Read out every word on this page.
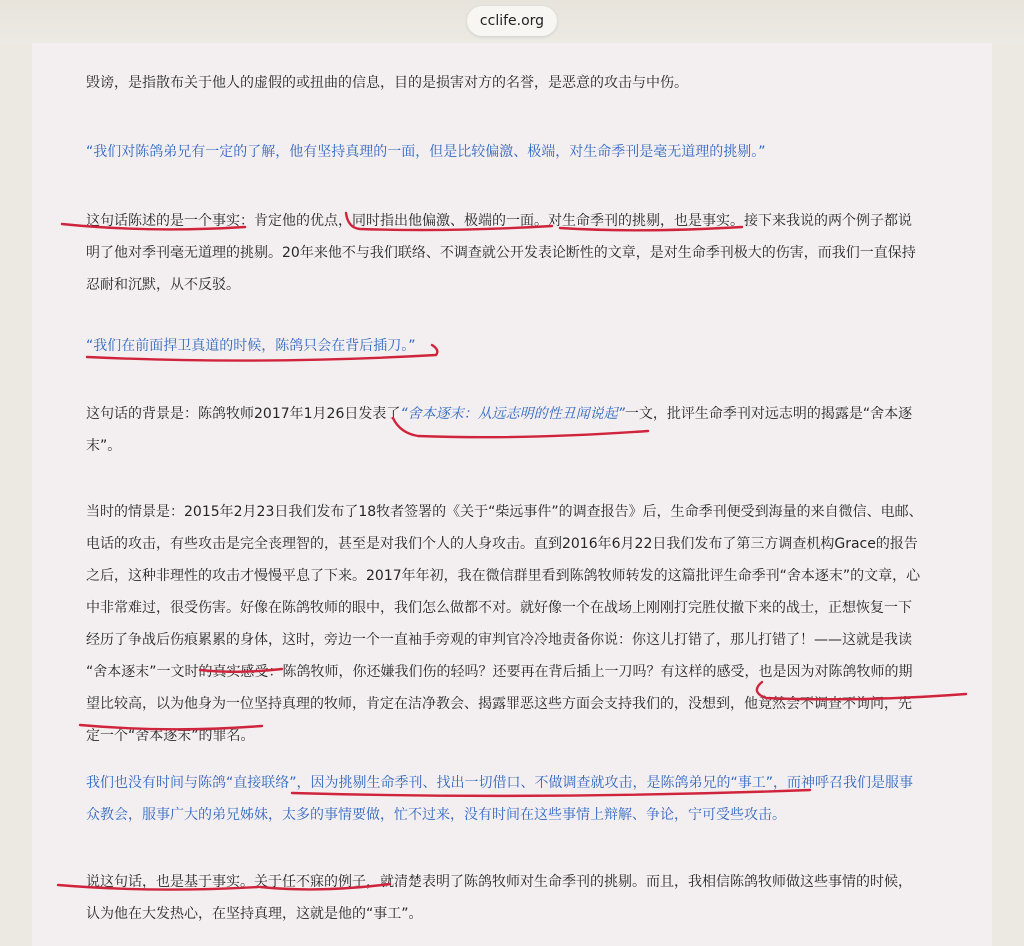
cclife.org

毁谤，是指散布关于他人的虚假的或扭曲的信息，目的是损害对方的名誉，是恶意的攻击与中伤。

“我们对陈鸽弟兄有一定的了解，他有坚持真理的一面，但是比较偏激、极端，对生命季刊是毫无道理的挑剔。”

这句话陈述的是一个事实：肯定他的优点，同时指出他偏激、极端的一面。对生命季刊的挑剔，也是事实。接下来我说的两个例子都说
明了他对季刊毫无道理的挑剔。20年来他不与我们联络、不调查就公开发表论断性的文章，是对生命季刊极大的伤害，而我们一直保持
忍耐和沉默，从不反驳。

“我们在前面捍卫真道的时候，陈鸽只会在背后插刀。”

这句话的背景是：陈鸽牧师2017年1月26日发表了“舍本逐末：从远志明的性丑闻说起”一文，批评生命季刊对远志明的揭露是“舍本逐
末”。

当时的情景是：2015年2月23日我们发布了18牧者签署的《关于“柴远事件”的调查报告》后，生命季刊便受到海量的来自微信、电邮、
电话的攻击，有些攻击是完全丧理智的，甚至是对我们个人的人身攻击。直到2016年6月22日我们发布了第三方调查机构Grace的报告
之后，这种非理性的攻击才慢慢平息了下来。2017年年初，我在微信群里看到陈鸽牧师转发的这篇批评生命季刊“舍本逐末”的文章，心
中非常难过，很受伤害。好像在陈鸽牧师的眼中，我们怎么做都不对。就好像一个在战场上刚刚打完胜仗撤下来的战士，正想恢复一下
经历了争战后伤痕累累的身体，这时，旁边一个一直袖手旁观的审判官冷冷地责备你说：你这儿打错了，那儿打错了！——这就是我读
“舍本逐末”一文时的真实感受：陈鸽牧师，你还嫌我们伤的轻吗？还要再在背后插上一刀吗？有这样的感受，也是因为对陈鸽牧师的期
望比较高，以为他身为一位坚持真理的牧师，肯定在洁净教会、揭露罪恶这些方面会支持我们的，没想到，他竟然会不调查不询问，先
定一个“舍本逐末”的罪名。

我们也没有时间与陈鸽“直接联络”，因为挑剔生命季刊、找出一切借口、不做调查就攻击，是陈鸽弟兄的“事工”，而神呼召我们是服事
众教会，服事广大的弟兄姊妹，太多的事情要做，忙不过来，没有时间在这些事情上辩解、争论，宁可受些攻击。

说这句话，也是基于事实。关于任不寐的例子，就清楚表明了陈鸽牧师对生命季刊的挑剔。而且，我相信陈鸽牧师做这些事情的时候，
认为他在大发热心，在坚持真理，这就是他的“事工”。
